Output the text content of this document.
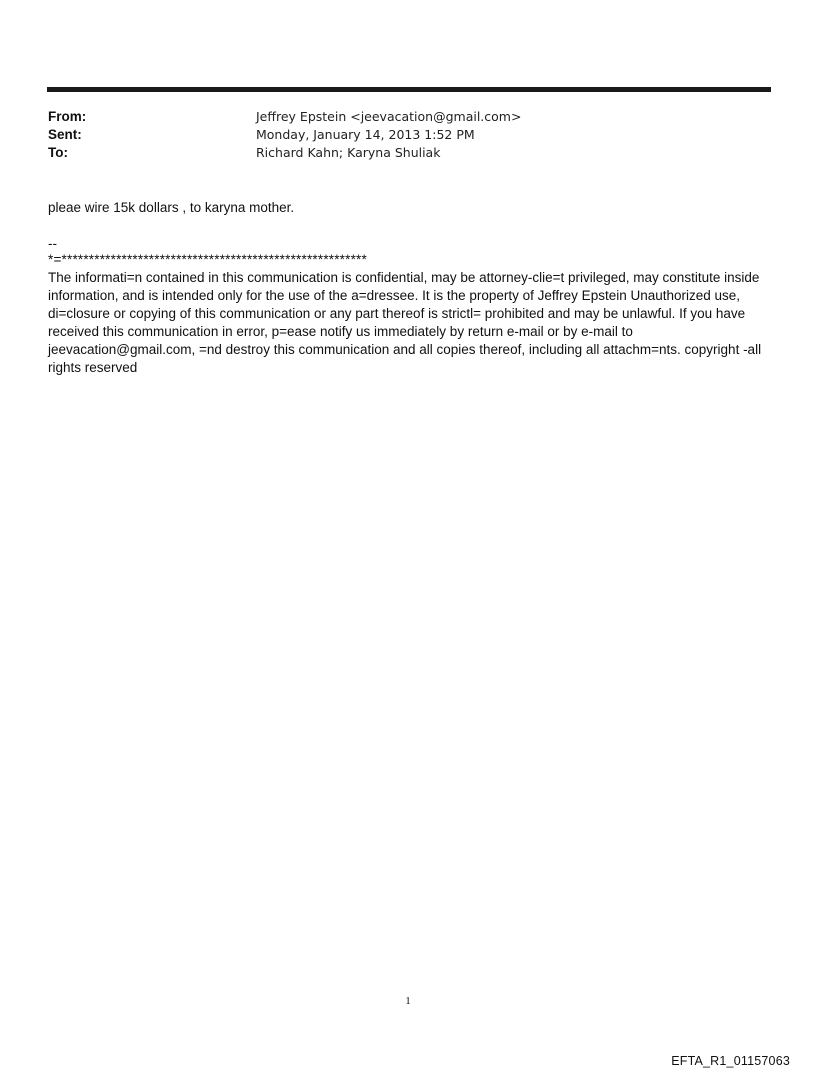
From:	Jeffrey Epstein <jeevacation@gmail.com>
Sent:	Monday, January 14, 2013 1:52 PM
To:	Richard Kahn; Karyna Shuliak
pleae wire 15k dollars , to karyna mother.
--
*=********************************************************
The informati=n contained in this communication is confidential, may be attorney-clie=t privileged, may constitute inside information, and is intended only for the use of the a=dressee. It is the property of Jeffrey Epstein Unauthorized use, di=closure or copying of this communication or any part thereof is strictl= prohibited and may be unlawful. If you have received this communication in error, p=ease notify us immediately by return e-mail or by e-mail to jeevacation@gmail.com, =nd destroy this communication and all copies thereof, including all attachm=nts. copyright -all rights reserved
1
EFTA_R1_01157063
